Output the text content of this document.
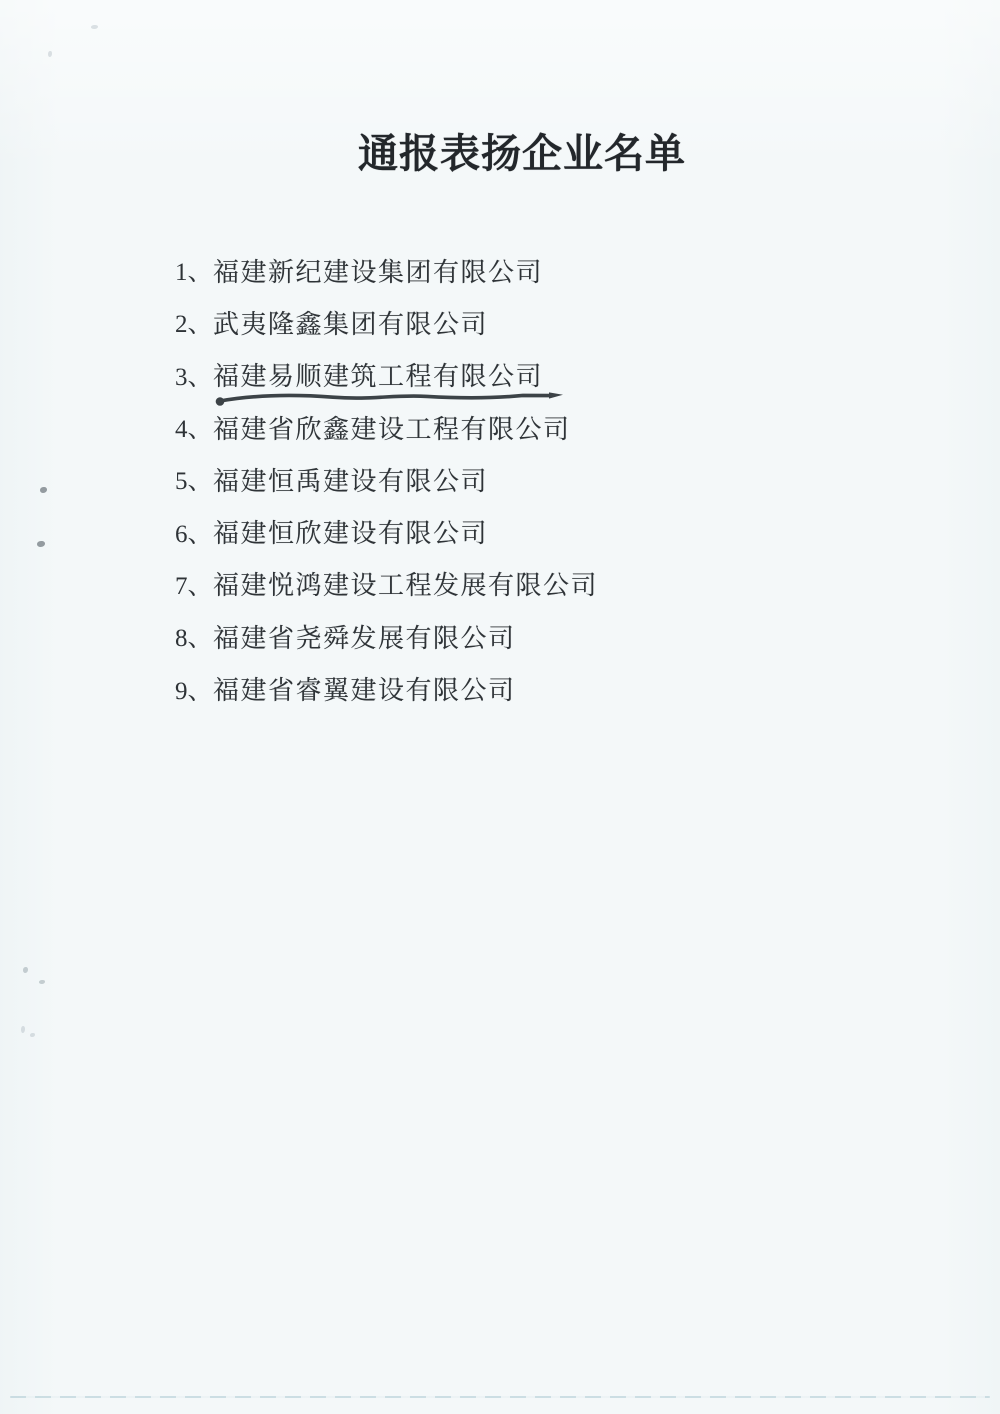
通报表扬企业名单
1、 福建新纪建设集团有限公司
2、 武夷隆鑫集团有限公司
3、 福建易顺建筑工程有限公司
4、 福建省欣鑫建设工程有限公司
5、 福建恒禹建设有限公司
6、 福建恒欣建设有限公司
7、 福建悦鸿建设工程发展有限公司
8、 福建省尧舜发展有限公司
9、 福建省睿翼建设有限公司
